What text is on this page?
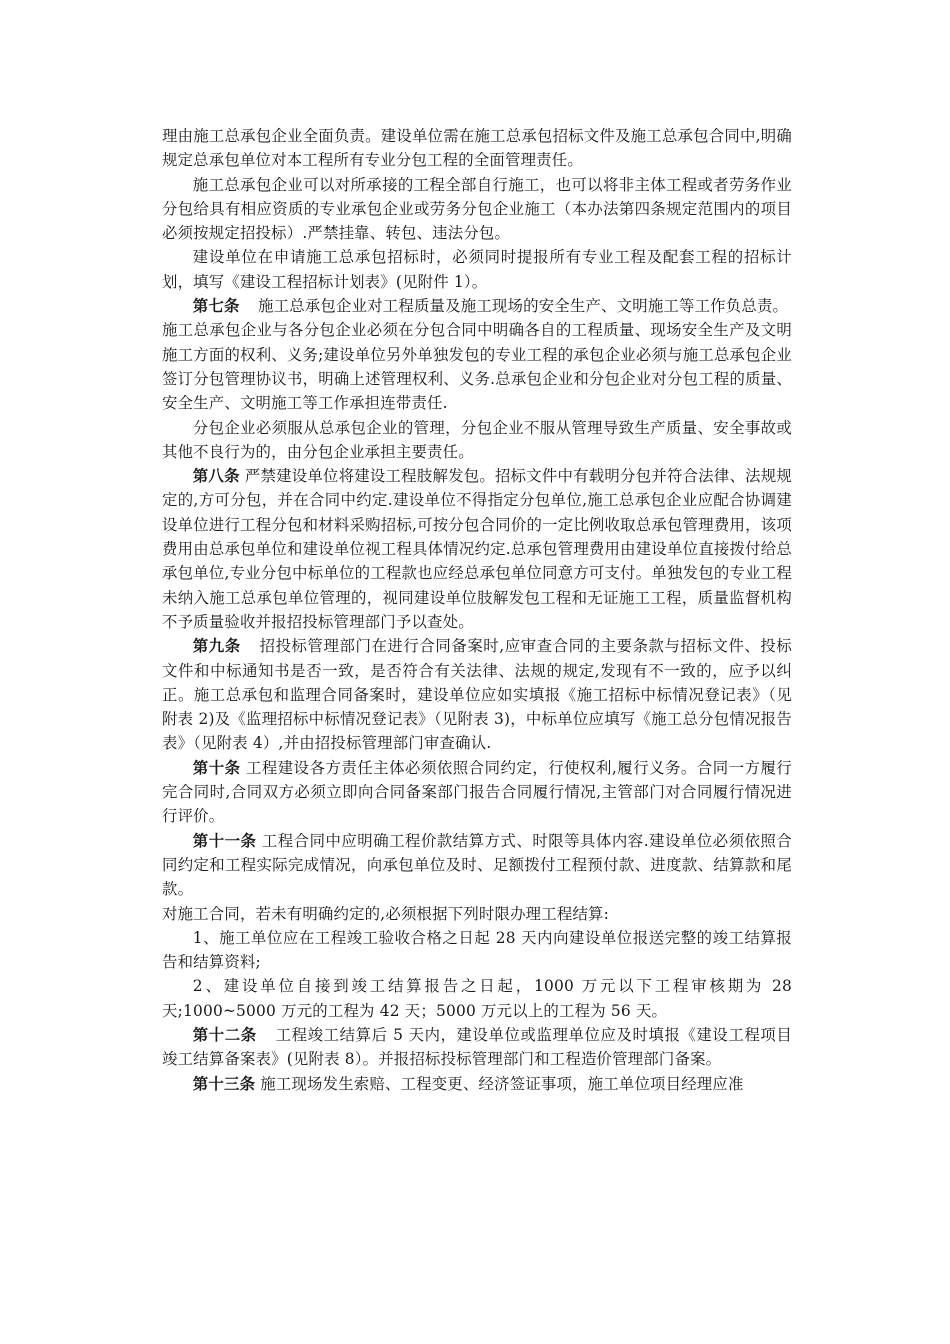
理由施工总承包企业全面负责。建设单位需在施工总承包招标文件及施工总承包合同中,明确规定总承包单位对本工程所有专业分包工程的全面管理责任。

施工总承包企业可以对所承接的工程全部自行施工，也可以将非主体工程或者劳务作业分包给具有相应资质的专业承包企业或劳务分包企业施工（本办法第四条规定范围内的项目必须按规定招投标）.严禁挂靠、转包、违法分包。

建设单位在申请施工总承包招标时，必须同时提报所有专业工程及配套工程的招标计划，填写《建设工程招标计划表》(见附件 1）。

第七条 施工总承包企业对工程质量及施工现场的安全生产、文明施工等工作负总责。

施工总承包企业与各分包企业必须在分包合同中明确各自的工程质量、现场安全生产及文明施工方面的权利、义务;建设单位另外单独发包的专业工程的承包企业必须与施工总承包企业签订分包管理协议书，明确上述管理权利、义务.总承包企业和分包企业对分包工程的质量、安全生产、文明施工等工作承担连带责任.

分包企业必须服从总承包企业的管理，分包企业不服从管理导致生产质量、安全事故或其他不良行为的，由分包企业承担主要责任。

第八条 严禁建设单位将建设工程肢解发包。招标文件中有载明分包并符合法律、法规规定的,方可分包，并在合同中约定.建设单位不得指定分包单位,施工总承包企业应配合协调建设单位进行工程分包和材料采购招标,可按分包合同价的一定比例收取总承包管理费用，该项费用由总承包单位和建设单位视工程具体情况约定.总承包管理费用由建设单位直接拨付给总承包单位,专业分包中标单位的工程款也应经总承包单位同意方可支付。单独发包的专业工程未纳入施工总承包单位管理的，视同建设单位肢解发包工程和无证施工工程，质量监督机构不予质量验收并报招投标管理部门予以查处。

第九条 招投标管理部门在进行合同备案时,应审查合同的主要条款与招标文件、投标文件和中标通知书是否一致，是否符合有关法律、法规的规定,发现有不一致的，应予以纠正。施工总承包和监理合同备案时，建设单位应如实填报《施工招标中标情况登记表》（见附表 2)及《监理招标中标情况登记表》（见附表 3)，中标单位应填写《施工总分包情况报告表》（见附表 4）,并由招投标管理部门审查确认.

第十条 工程建设各方责任主体必须依照合同约定，行使权利,履行义务。合同一方履行完合同时,合同双方必须立即向合同备案部门报告合同履行情况,主管部门对合同履行情况进行评价。

第十一条 工程合同中应明确工程价款结算方式、时限等具体内容.建设单位必须依照合同约定和工程实际完成情况，向承包单位及时、足额拨付工程预付款、进度款、结算款和尾款。

对施工合同，若未有明确约定的,必须根据下列时限办理工程结算:

1、施工单位应在工程竣工验收合格之日起 28 天内向建设单位报送完整的竣工结算报告和结算资料;

2、建设单位自接到竣工结算报告之日起，1000 万元以下工程审核期为 28 天;1000~5000 万元的工程为 42 天；5000 万元以上的工程为 56 天。

第十二条 工程竣工结算后 5 天内，建设单位或监理单位应及时填报《建设工程项目竣工结算备案表》(见附表 8）。并报招标投标管理部门和工程造价管理部门备案。

第十三条 施工现场发生索赔、工程变更、经济签证事项，施工单位项目经理应准
